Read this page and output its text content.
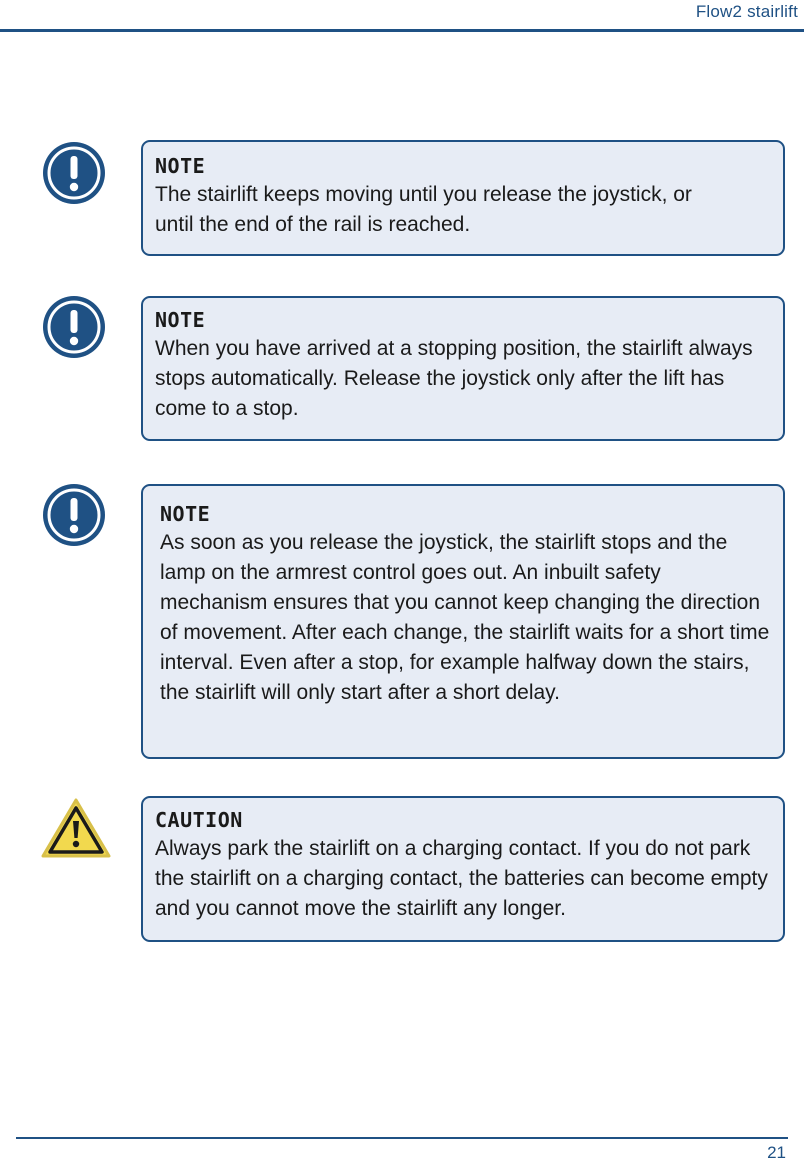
Flow2 stairlift
NOTE
The stairlift keeps moving until you release the joystick, or until the end of the rail is reached.
NOTE
When you have arrived at a stopping position, the stairlift always stops automatically. Release the joystick only after the lift has come to a stop.
NOTE
As soon as you release the joystick, the stairlift stops and the lamp on the armrest control goes out. An inbuilt safety mechanism ensures that you cannot keep changing the direction of movement. After each change, the stairlift waits for a short time interval. Even after a stop, for example halfway down the stairs, the stairlift will only start after a short delay.
CAUTION
Always park the stairlift on a charging contact. If you do not park the stairlift on a charging contact, the batteries can become empty and you cannot move the stairlift any longer.
21
